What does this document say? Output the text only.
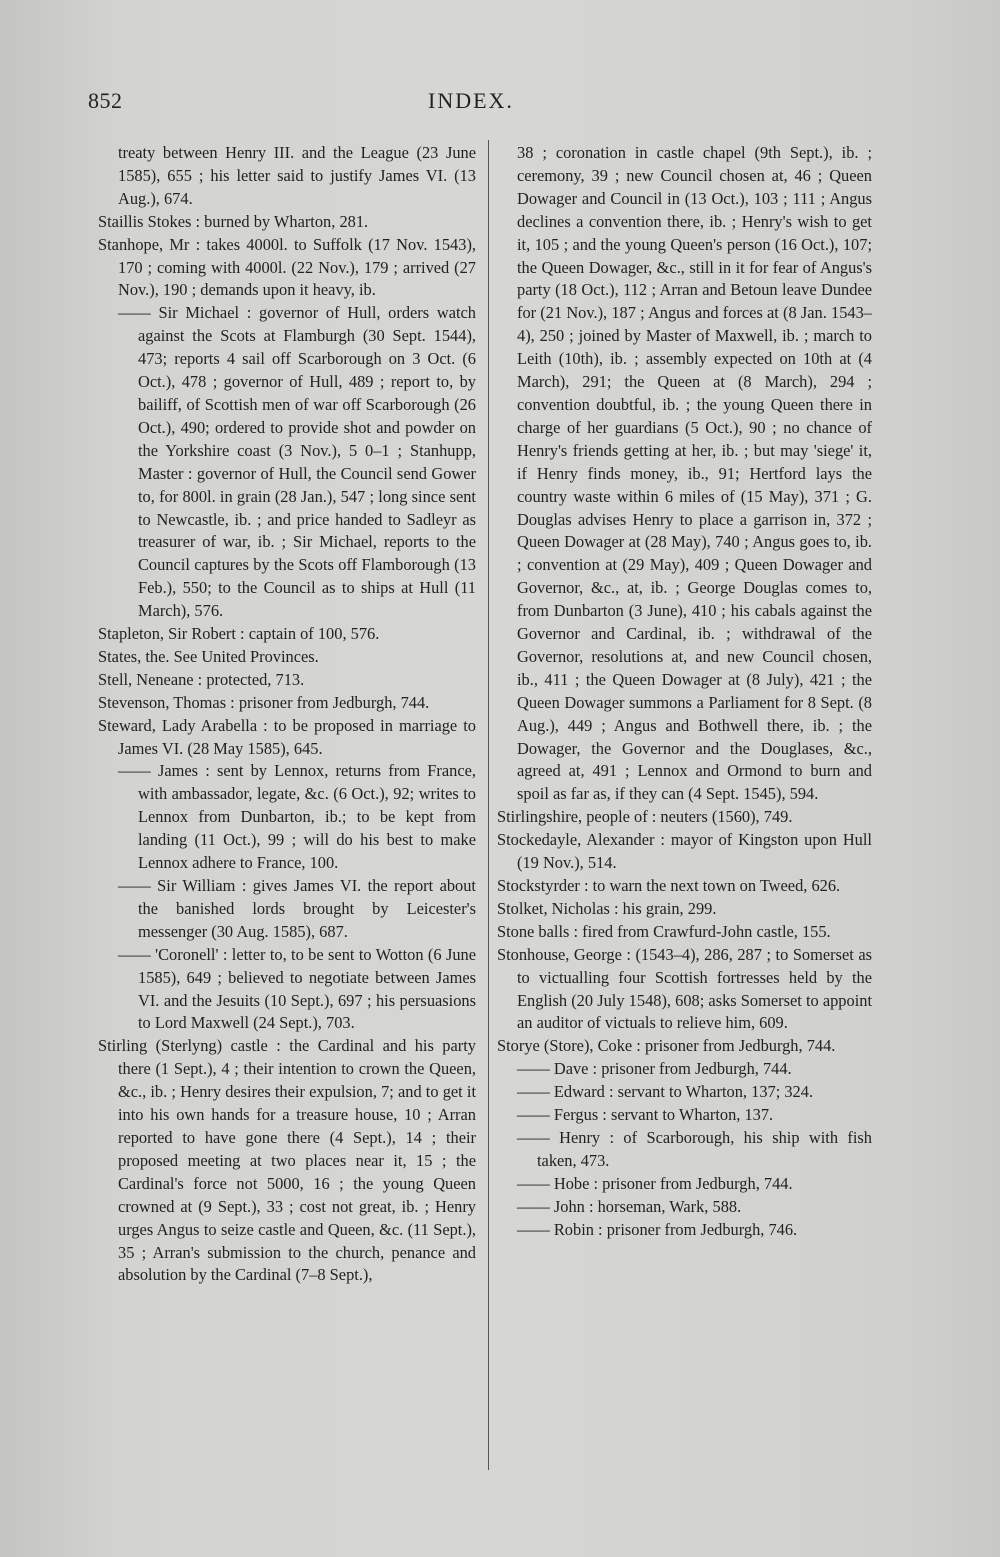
852	INDEX.

treaty between Henry III. and the League (23 June 1585), 655 ; his letter said to justify James VI. (13 Aug.), 674.

Staillis Stokes : burned by Wharton, 281.

Stanhope, Mr : takes 4000l. to Suffolk (17 Nov. 1543), 170 ; coming with 4000l. (22 Nov.), 179 ; arrived (27 Nov.), 190 ; demands upon it heavy, ib.

—— Sir Michael : governor of Hull, orders watch against the Scots at Flamburgh (30 Sept. 1544), 473; reports 4 sail off Scarborough on 3 Oct. (6 Oct.), 478 ; governor of Hull, 489 ; report to, by bailiff, of Scottish men of war off Scarborough (26 Oct.), 490; ordered to provide shot and powder on the Yorkshire coast (3 Nov.), 5 0–1 ; Stanhupp, Master : governor of Hull, the Council send Gower to, for 800l. in grain (28 Jan.), 547 ; long since sent to Newcastle, ib. ; and price handed to Sadleyr as treasurer of war, ib. ; Sir Michael, reports to the Council captures by the Scots off Flamborough (13 Feb.), 550; to the Council as to ships at Hull (11 March), 576.

Stapleton, Sir Robert : captain of 100, 576.

States, the. See United Provinces.

Stell, Neneane : protected, 713.

Stevenson, Thomas : prisoner from Jedburgh, 744.

Steward, Lady Arabella : to be proposed in marriage to James VI. (28 May 1585), 645.

—— James : sent by Lennox, returns from France, with ambassador, legate, &c. (6 Oct.), 92; writes to Lennox from Dunbarton, ib.; to be kept from landing (11 Oct.), 99 ; will do his best to make Lennox adhere to France, 100.

—— Sir William : gives James VI. the report about the banished lords brought by Leicester's messenger (30 Aug. 1585), 687.

—— 'Coronell' : letter to, to be sent to Wotton (6 June 1585), 649 ; believed to negotiate between James VI. and the Jesuits (10 Sept.), 697 ; his persuasions to Lord Maxwell (24 Sept.), 703.

Stirling (Sterlyng) castle : the Cardinal and his party there (1 Sept.), 4 ; their intention to crown the Queen, &c., ib. ; Henry desires their expulsion, 7; and to get it into his own hands for a treasure house, 10 ; Arran reported to have gone there (4 Sept.), 14 ; their proposed meeting at two places near it, 15 ; the Cardinal's force not 5000, 16 ; the young Queen crowned at (9 Sept.), 33 ; cost not great, ib. ; Henry urges Angus to seize castle and Queen, &c. (11 Sept.), 35 ; Arran's submission to the church, penance and absolution by the Cardinal (7–8 Sept.),

38 ; coronation in castle chapel (9th Sept.), ib. ; ceremony, 39 ; new Council chosen at, 46 ; Queen Dowager and Council in (13 Oct.), 103 ; 111 ; Angus declines a convention there, ib. ; Henry's wish to get it, 105 ; and the young Queen's person (16 Oct.), 107; the Queen Dowager, &c., still in it for fear of Angus's party (18 Oct.), 112 ; Arran and Betoun leave Dundee for (21 Nov.), 187 ; Angus and forces at (8 Jan. 1543–4), 250 ; joined by Master of Maxwell, ib. ; march to Leith (10th), ib. ; assembly expected on 10th at (4 March), 291; the Queen at (8 March), 294 ; convention doubtful, ib. ; the young Queen there in charge of her guardians (5 Oct.), 90 ; no chance of Henry's friends getting at her, ib. ; but may 'siege' it, if Henry finds money, ib., 91; Hertford lays the country waste within 6 miles of (15 May), 371 ; G. Douglas advises Henry to place a garrison in, 372 ; Queen Dowager at (28 May), 740 ; Angus goes to, ib. ; convention at (29 May), 409 ; Queen Dowager and Governor, &c., at, ib. ; George Douglas comes to, from Dunbarton (3 June), 410 ; his cabals against the Governor and Cardinal, ib. ; withdrawal of the Governor, resolutions at, and new Council chosen, ib., 411 ; the Queen Dowager at (8 July), 421 ; the Queen Dowager summons a Parliament for 8 Sept. (8 Aug.), 449 ; Angus and Bothwell there, ib. ; the Dowager, the Governor and the Douglases, &c., agreed at, 491 ; Lennox and Ormond to burn and spoil as far as, if they can (4 Sept. 1545), 594.

Stirlingshire, people of : neuters (1560), 749.

Stockedayle, Alexander : mayor of Kingston upon Hull (19 Nov.), 514.

Stockstyrder : to warn the next town on Tweed, 626.

Stolket, Nicholas : his grain, 299.

Stone balls : fired from Crawfurd-John castle, 155.

Stonhouse, George : (1543–4), 286, 287 ; to Somerset as to victualling four Scottish fortresses held by the English (20 July 1548), 608; asks Somerset to appoint an auditor of victuals to relieve him, 609.

Storye (Store), Coke : prisoner from Jedburgh, 744.

—— Dave : prisoner from Jedburgh, 744.

—— Edward : servant to Wharton, 137; 324.

—— Fergus : servant to Wharton, 137.

—— Henry : of Scarborough, his ship with fish taken, 473.

—— Hobe : prisoner from Jedburgh, 744.

—— John : horseman, Wark, 588.

—— Robin : prisoner from Jedburgh, 746.
